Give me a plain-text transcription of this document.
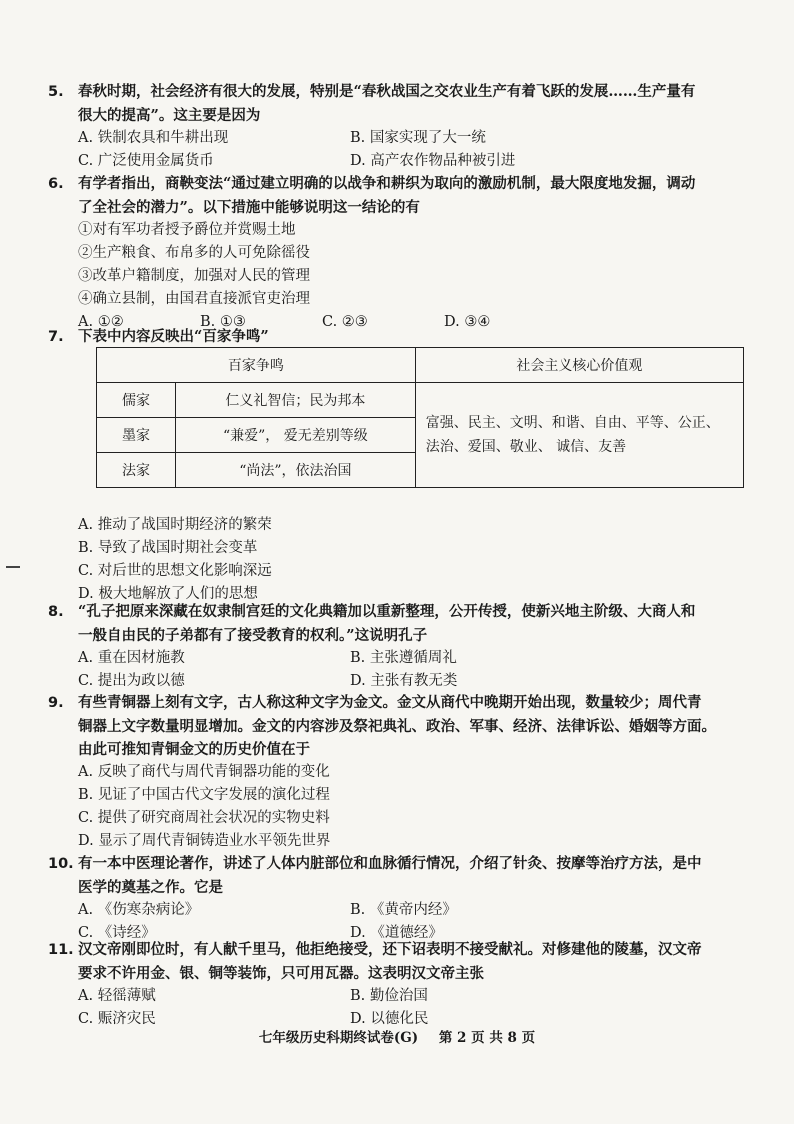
5. 春秋时期，社会经济有很大的发展，特别是“春秋战国之交农业生产有着飞跃的发展……生产量有
很大的提高”。这主要是因为
A. 铁制农具和牛耕出现	B. 国家实现了大一统
C. 广泛使用金属货币	D. 高产农作物品种被引进
6. 有学者指出，商鞅变法“通过建立明确的以战争和耕织为取向的激励机制，最大限度地发掘，调动
了全社会的潜力”。以下措施中能够说明这一结论的有
①对有军功者授予爵位并赏赐土地
②生产粮食、布帛多的人可免除徭役
③改革户籍制度，加强对人民的管理
④确立县制，由国君直接派官吏治理
A. ①②	B. ①③	C. ②③	D. ③④
7. 下表中内容反映出“百家争鸣”
百家争鸣		社会主义核心价值观
儒家	仁义礼智信；民为邦本	富强、民主、文明、和谐、自由、平等、公正、
法治、爱国、敬业、 诚信、友善

墨家	“兼爱”， 爱无差别等级	
法家	“尚法”，依法治国	
A. 推动了战国时期经济的繁荣
B. 导致了战国时期社会变革
C. 对后世的思想文化影响深远
D. 极大地解放了人们的思想
8. “孔子把原来深藏在奴隶制宫廷的文化典籍加以重新整理，公开传授，使新兴地主阶级、大商人和
一般自由民的子弟都有了接受教育的权利。”这说明孔子
A. 重在因材施教	B. 主张遵循周礼
C. 提出为政以德	D. 主张有教无类
9. 有些青铜器上刻有文字，古人称这种文字为金文。金文从商代中晚期开始出现，数量较少；周代青
铜器上文字数量明显增加。金文的内容涉及祭祀典礼、政治、军事、经济、法律诉讼、婚姻等方面。
由此可推知青铜金文的历史价值在于
A. 反映了商代与周代青铜器功能的变化
B. 见证了中国古代文字发展的演化过程
C. 提供了研究商周社会状况的实物史料
D. 显示了周代青铜铸造业水平领先世界
10. 有一本中医理论著作，讲述了人体内脏部位和血脉循行情况，介绍了针灸、按摩等治疗方法，是中
医学的奠基之作。它是
A. 《伤寒杂病论》	B. 《黄帝内经》
C. 《诗经》	D. 《道德经》
11. 汉文帝刚即位时，有人献千里马，他拒绝接受，还下诏表明不接受献礼。对修建他的陵墓，汉文帝
要求不许用金、银、铜等装饰，只可用瓦器。这表明汉文帝主张
A. 轻徭薄赋	B. 勤俭治国
C. 赈济灾民	D. 以德化民
七年级历史科期终试卷(G) 第 2 页 共 8 页
